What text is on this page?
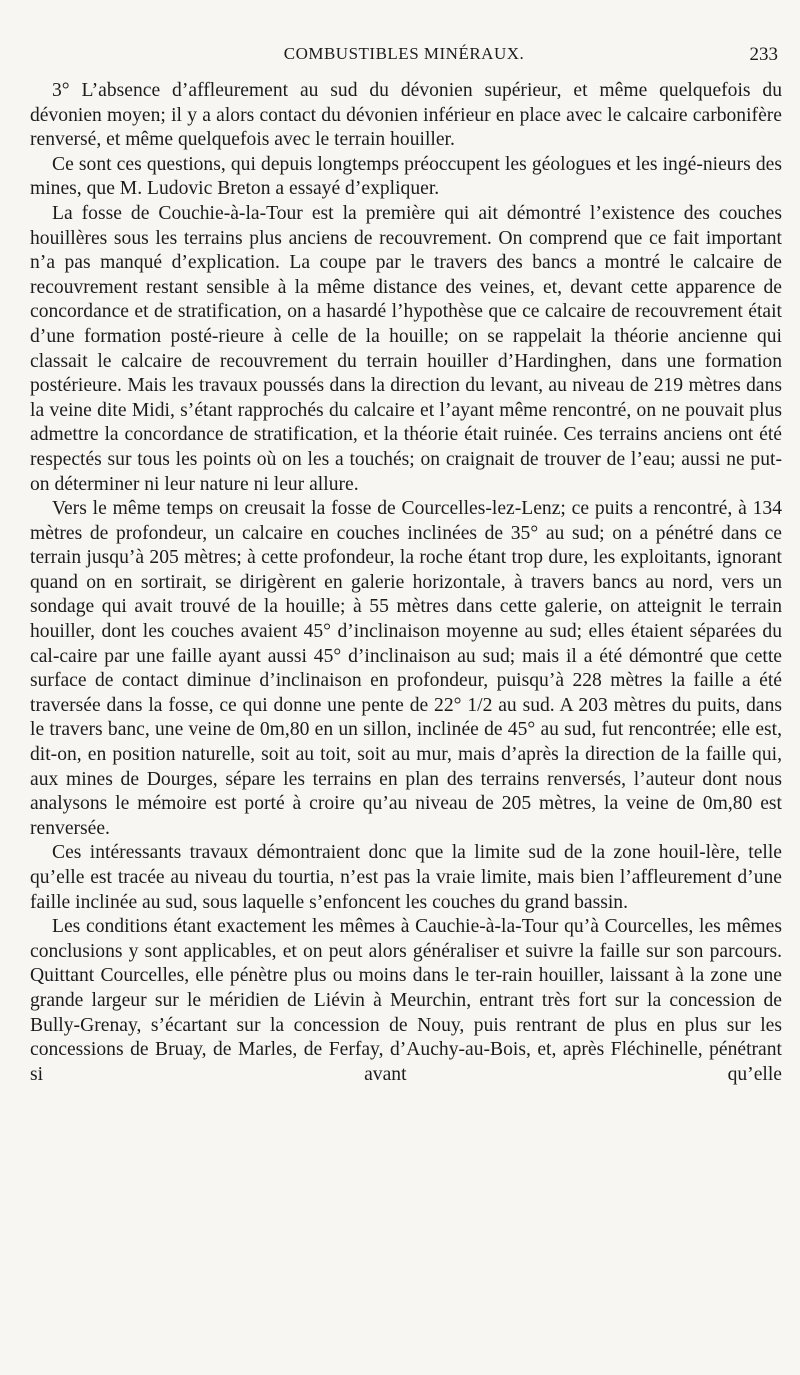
COMBUSTIBLES MINÉRAUX.	233

3° L’absence d’affleurement au sud du dévonien supérieur, et même quelquefois du dévonien moyen; il y a alors contact du dévonien inférieur en place avec le calcaire carbonifère renversé, et même quelquefois avec le terrain houiller.

Ce sont ces questions, qui depuis longtemps préoccupent les géologues et les ingé-nieurs des mines, que M. Ludovic Breton a essayé d’expliquer.

La fosse de Couchie-à-la-Tour est la première qui ait démontré l’existence des couches houillères sous les terrains plus anciens de recouvrement. On comprend que ce fait important n’a pas manqué d’explication. La coupe par le travers des bancs a montré le calcaire de recouvrement restant sensible à la même distance des veines, et, devant cette apparence de concordance et de stratification, on a hasardé l’hypothèse que ce calcaire de recouvrement était d’une formation posté-rieure à celle de la houille; on se rappelait la théorie ancienne qui classait le calcaire de recouvrement du terrain houiller d’Hardinghen, dans une formation postérieure. Mais les travaux poussés dans la direction du levant, au niveau de 219 mètres dans la veine dite Midi, s’étant rapprochés du calcaire et l’ayant même rencontré, on ne pouvait plus admettre la concordance de stratification, et la théorie était ruinée. Ces terrains anciens ont été respectés sur tous les points où on les a touchés; on craignait de trouver de l’eau; aussi ne put-on déterminer ni leur nature ni leur allure.

Vers le même temps on creusait la fosse de Courcelles-lez-Lenz; ce puits a rencontré, à 134 mètres de profondeur, un calcaire en couches inclinées de 35° au sud; on a pénétré dans ce terrain jusqu’à 205 mètres; à cette profondeur, la roche étant trop dure, les exploitants, ignorant quand on en sortirait, se dirigèrent en galerie horizontale, à travers bancs au nord, vers un sondage qui avait trouvé de la houille; à 55 mètres dans cette galerie, on atteignit le terrain houiller, dont les couches avaient 45° d’inclinaison moyenne au sud; elles étaient séparées du cal-caire par une faille ayant aussi 45° d’inclinaison au sud; mais il a été démontré que cette surface de contact diminue d’inclinaison en profondeur, puisqu’à 228 mètres la faille a été traversée dans la fosse, ce qui donne une pente de 22° 1/2 au sud. A 203 mètres du puits, dans le travers banc, une veine de 0m,80 en un sillon, inclinée de 45° au sud, fut rencontrée; elle est, dit-on, en position naturelle, soit au toit, soit au mur, mais d’après la direction de la faille qui, aux mines de Dourges, sépare les terrains en plan des terrains renversés, l’auteur dont nous analysons le mémoire est porté à croire qu’au niveau de 205 mètres, la veine de 0m,80 est renversée.

Ces intéressants travaux démontraient donc que la limite sud de la zone houil-lère, telle qu’elle est tracée au niveau du tourtia, n’est pas la vraie limite, mais bien l’affleurement d’une faille inclinée au sud, sous laquelle s’enfoncent les couches du grand bassin.

Les conditions étant exactement les mêmes à Cauchie-à-la-Tour qu’à Courcelles, les mêmes conclusions y sont applicables, et on peut alors généraliser et suivre la faille sur son parcours. Quittant Courcelles, elle pénètre plus ou moins dans le ter-rain houiller, laissant à la zone une grande largeur sur le méridien de Liévin à Meurchin, entrant très fort sur la concession de Bully-Grenay, s’écartant sur la concession de Nouy, puis rentrant de plus en plus sur les concessions de Bruay, de Marles, de Ferfay, d’Auchy-au-Bois, et, après Fléchinelle, pénétrant si avant qu’elle
